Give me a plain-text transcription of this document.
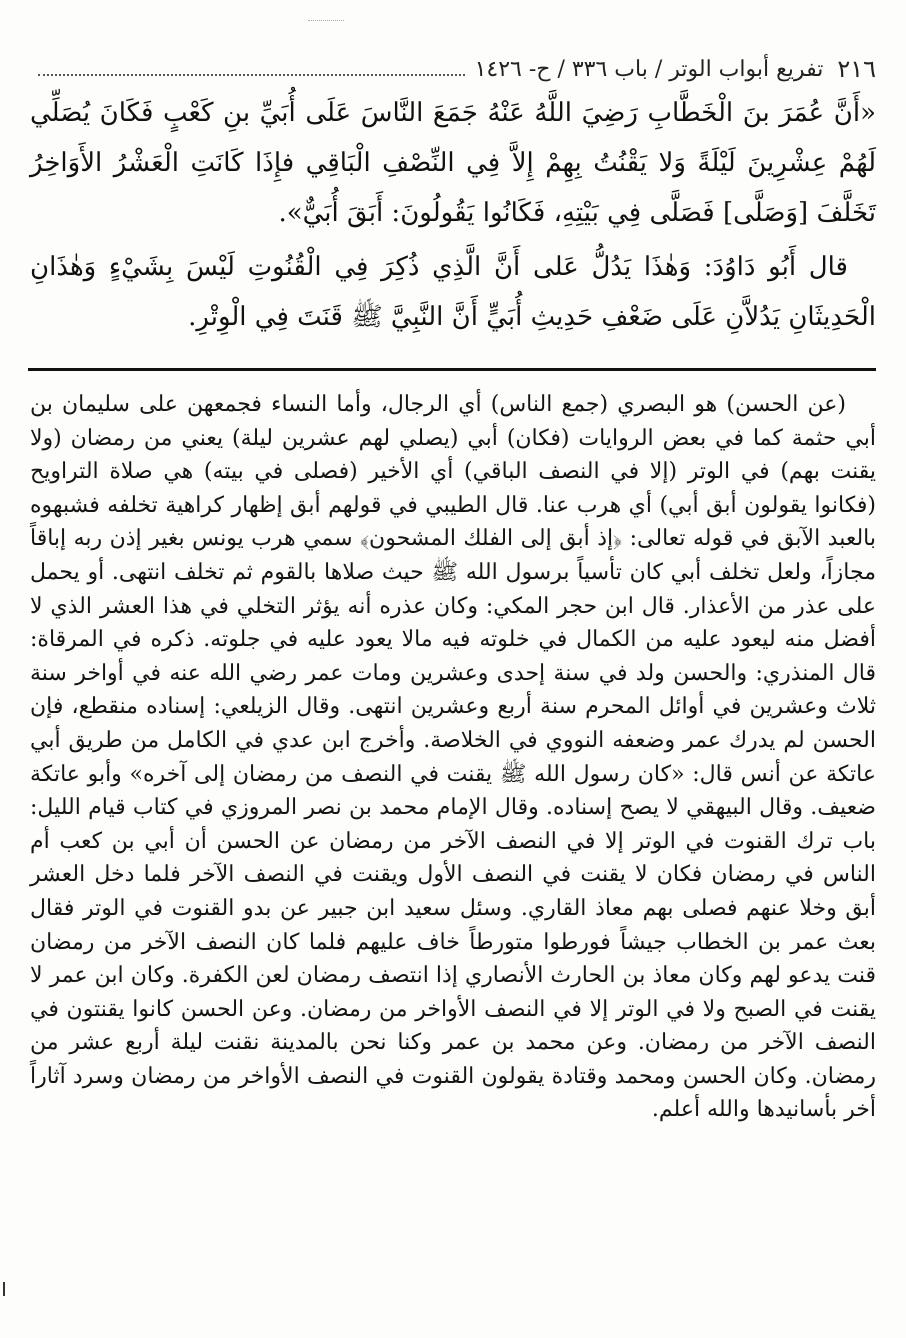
٢١٦
تفريع أبواب الوتر / باب ٣٣٦ / ح- ١٤٢٦

«أَنَّ عُمَرَ بنَ الْخَطَّابِ رَضِيَ اللَّهُ عَنْهُ جَمَعَ النَّاسَ عَلَى أُبَيِّ بنِ كَعْبٍ فَكَانَ يُصَلِّي لَهُمْ عِشْرِينَ لَيْلَةً وَلا يَقْنُتُ بِهِمْ إِلاَّ فِي النِّصْفِ الْبَاقِي فإِذَا كَانَتِ الْعَشْرُ الأَوَاخِرُ تَخَلَّفَ [وَصَلَّى] فَصَلَّى فِي بَيْتِهِ، فَكَانُوا يَقُولُونَ: أَبَقَ أُبَيٌّ».

قال أَبُو دَاوُدَ: وَهٰذَا يَدُلُّ عَلى أَنَّ الَّذِي ذُكِرَ فِي الْقُنُوتِ لَيْسَ بِشَيْءٍ وَهٰذَانِ الْحَدِيثَانِ يَدُلاَّنِ عَلَى ضَعْفِ حَدِيثِ أُبَيٍّ أَنَّ النَّبِيَّ ﷺ قَنَتَ فِي الْوِتْرِ.

(عن الحسن) هو البصري (جمع الناس) أي الرجال، وأما النساء فجمعهن على سليمان بن أبي حثمة كما في بعض الروايات (فكان) أبي (يصلي لهم عشرين ليلة) يعني من رمضان (ولا يقنت بهم) في الوتر (إلا في النصف الباقي) أي الأخير (فصلى في بيته) هي صلاة التراويح (فكانوا يقولون أبق أبي) أي هرب عنا. قال الطيبي في قولهم أبق إظهار كراهية تخلفه فشبهوه بالعبد الآبق في قوله تعالى: ﴿إذ أبق إلى الفلك المشحون﴾ سمي هرب يونس بغير إذن ربه إباقاً مجازاً، ولعل تخلف أبي كان تأسياً برسول الله ﷺ حيث صلاها بالقوم ثم تخلف انتهى. أو يحمل على عذر من الأعذار. قال ابن حجر المكي: وكان عذره أنه يؤثر التخلي في هذا العشر الذي لا أفضل منه ليعود عليه من الكمال في خلوته فيه مالا يعود عليه في جلوته. ذكره في المرقاة: قال المنذري: والحسن ولد في سنة إحدى وعشرين ومات عمر رضي الله عنه في أواخر سنة ثلاث وعشرين في أوائل المحرم سنة أربع وعشرين انتهى. وقال الزيلعي: إسناده منقطع، فإن الحسن لم يدرك عمر وضعفه النووي في الخلاصة. وأخرج ابن عدي في الكامل من طريق أبي عاتكة عن أنس قال: «كان رسول الله ﷺ يقنت في النصف من رمضان إلى آخره» وأبو عاتكة ضعيف. وقال البيهقي لا يصح إسناده. وقال الإمام محمد بن نصر المروزي في كتاب قيام الليل: باب ترك القنوت في الوتر إلا في النصف الآخر من رمضان عن الحسن أن أبي بن كعب أم الناس في رمضان فكان لا يقنت في النصف الأول ويقنت في النصف الآخر فلما دخل العشر أبق وخلا عنهم فصلى بهم معاذ القاري. وسئل سعيد ابن جبير عن بدو القنوت في الوتر فقال بعث عمر بن الخطاب جيشاً فورطوا متورطاً خاف عليهم فلما كان النصف الآخر من رمضان قنت يدعو لهم وكان معاذ بن الحارث الأنصاري إذا انتصف رمضان لعن الكفرة. وكان ابن عمر لا يقنت في الصبح ولا في الوتر إلا في النصف الأواخر من رمضان. وعن الحسن كانوا يقنتون في النصف الآخر من رمضان. وعن محمد بن عمر وكنا نحن بالمدينة نقنت ليلة أربع عشر من رمضان. وكان الحسن ومحمد وقتادة يقولون القنوت في النصف الأواخر من رمضان وسرد آثاراً أخر بأسانيدها والله أعلم.
